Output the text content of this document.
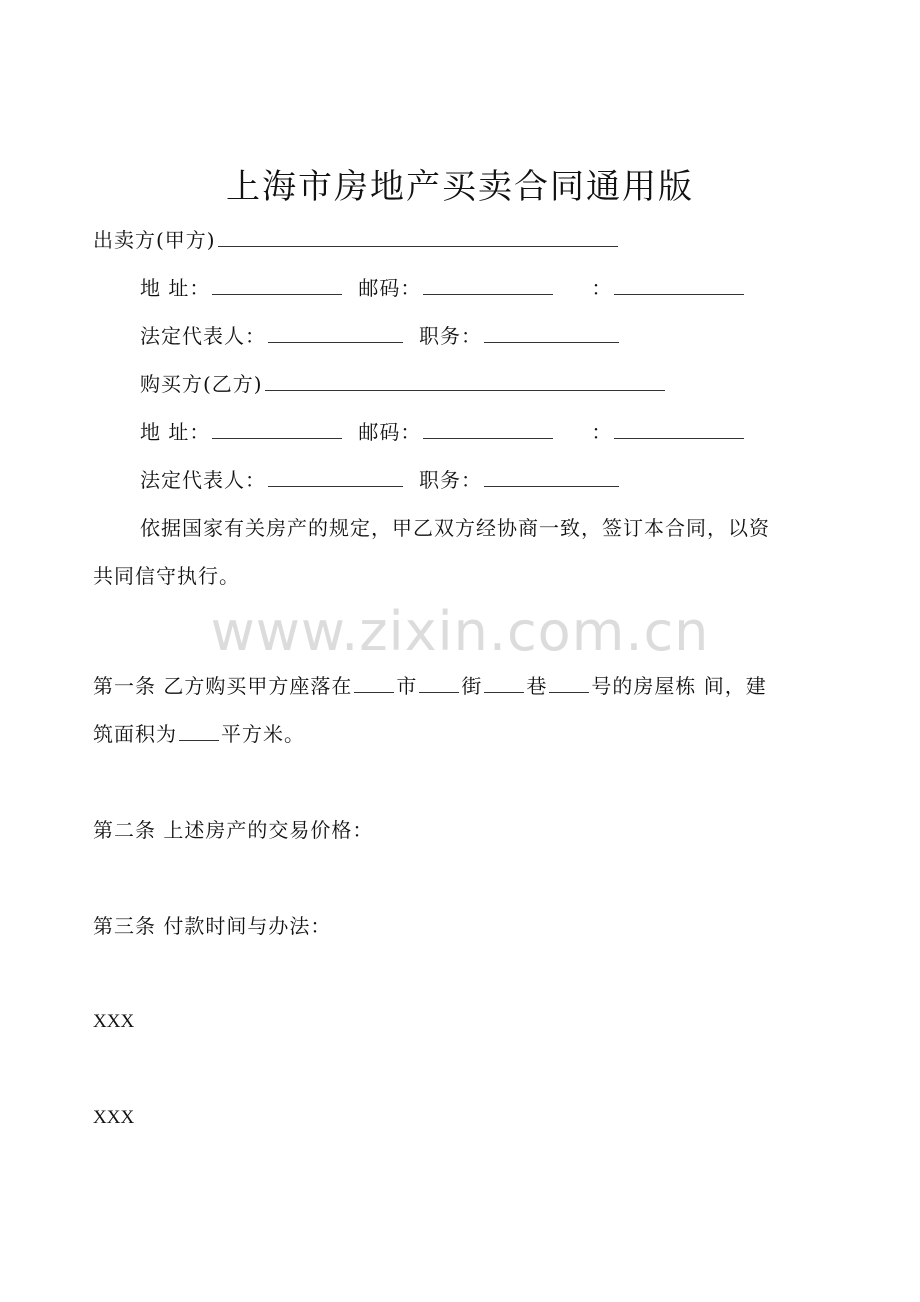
上海市房地产买卖合同通用版
出卖方(甲方)
地 址：	邮码：	：
法定代表人：	职务：
购买方(乙方)
地 址：	邮码：	：
法定代表人：	职务：
依据国家有关房产的规定，甲乙双方经协商一致，签订本合同，以资
共同信守执行。
www.zixin.com.cn
第一条 乙方购买甲方座落在 市 街 巷 号的房屋栋 间，建
筑面积为 平方米。
第二条 上述房产的交易价格：
第三条 付款时间与办法：
XXX
XXX
